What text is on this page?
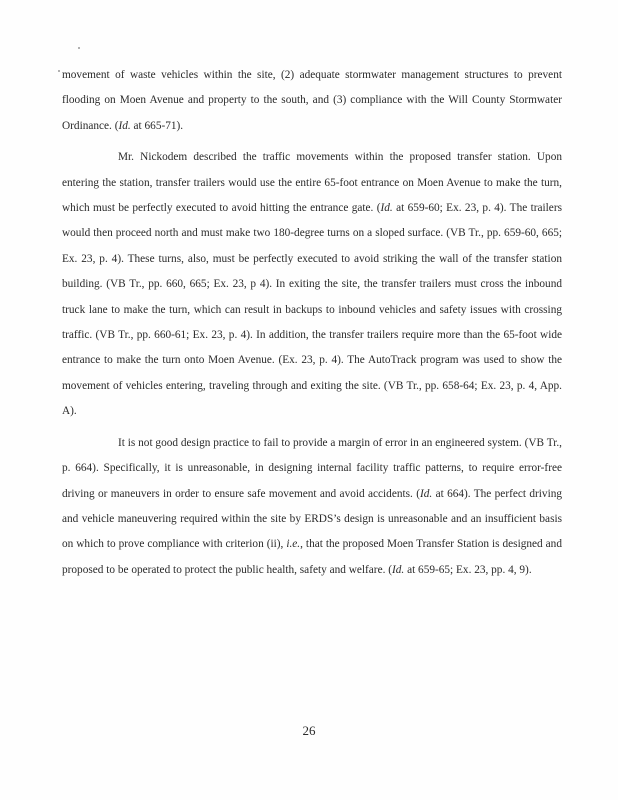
movement of waste vehicles within the site, (2) adequate stormwater management structures to prevent flooding on Moen Avenue and property to the south, and (3) compliance with the Will County Stormwater Ordinance. (Id. at 665-71).

Mr. Nickodem described the traffic movements within the proposed transfer station. Upon entering the station, transfer trailers would use the entire 65-foot entrance on Moen Avenue to make the turn, which must be perfectly executed to avoid hitting the entrance gate. (Id. at 659-60; Ex. 23, p. 4). The trailers would then proceed north and must make two 180-degree turns on a sloped surface. (VB Tr., pp. 659-60, 665; Ex. 23, p. 4). These turns, also, must be perfectly executed to avoid striking the wall of the transfer station building. (VB Tr., pp. 660, 665; Ex. 23, p 4). In exiting the site, the transfer trailers must cross the inbound truck lane to make the turn, which can result in backups to inbound vehicles and safety issues with crossing traffic. (VB Tr., pp. 660-61; Ex. 23, p. 4). In addition, the transfer trailers require more than the 65-foot wide entrance to make the turn onto Moen Avenue. (Ex. 23, p. 4). The AutoTrack program was used to show the movement of vehicles entering, traveling through and exiting the site. (VB Tr., pp. 658-64; Ex. 23, p. 4, App. A).

It is not good design practice to fail to provide a margin of error in an engineered system. (VB Tr., p. 664). Specifically, it is unreasonable, in designing internal facility traffic patterns, to require error-free driving or maneuvers in order to ensure safe movement and avoid accidents. (Id. at 664). The perfect driving and vehicle maneuvering required within the site by ERDS’s design is unreasonable and an insufficient basis on which to prove compliance with criterion (ii), i.e., that the proposed Moen Transfer Station is designed and proposed to be operated to protect the public health, safety and welfare. (Id. at 659-65; Ex. 23, pp. 4, 9).

26
